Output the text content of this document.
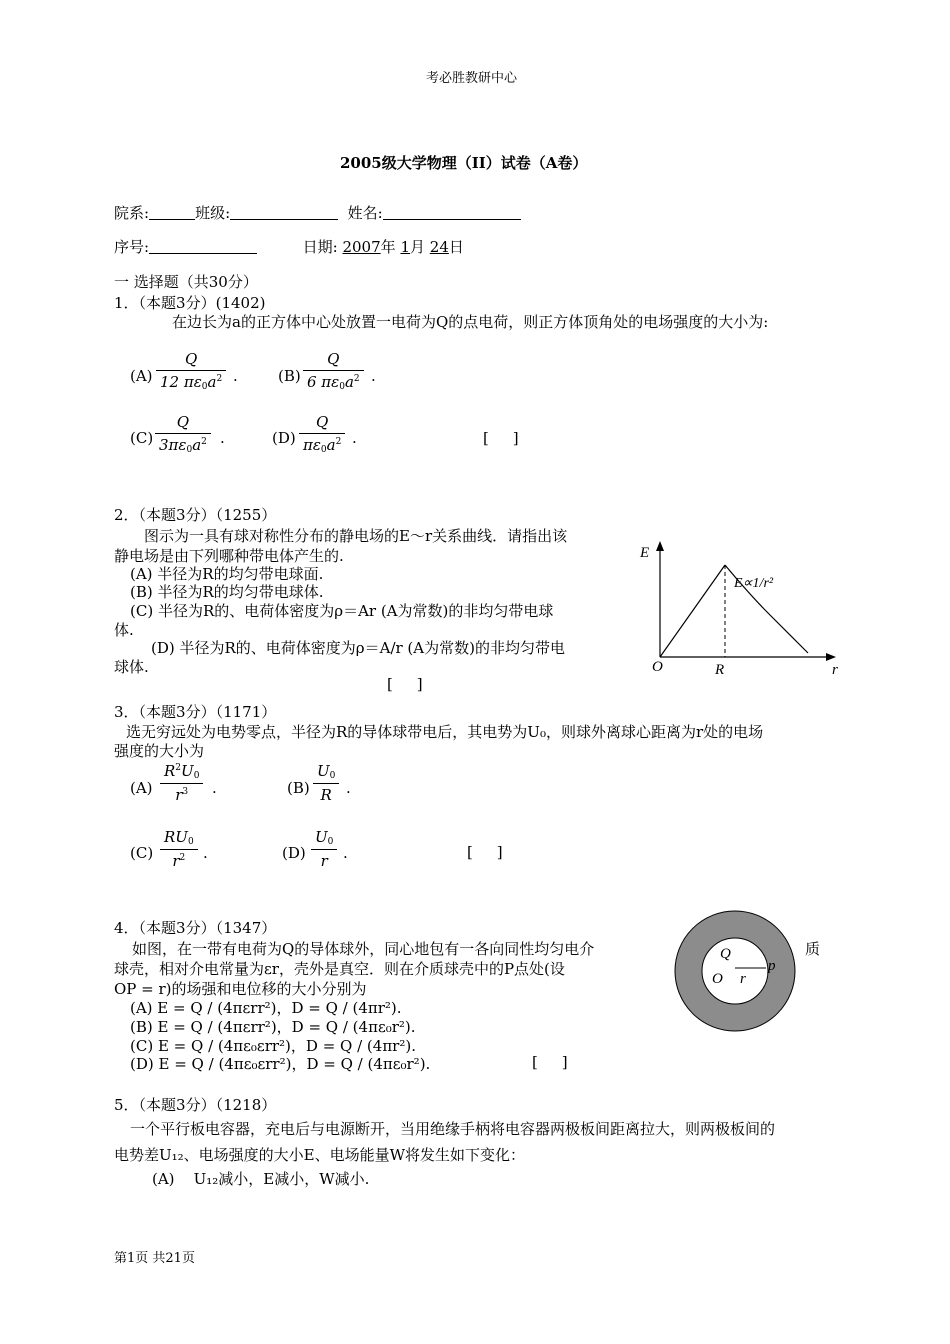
考必胜教研中心
2005级大学物理（II）试卷（A卷）
院系:	班级:	姓名:
序号:	日期: 2007年 1月 24日
一 选择题（共30分）
1．（本题3分）(1402)
在边长为a的正方体中心处放置一电荷为Q的点电荷，则正方体顶角处的电场强度的大小为:
$(A) \frac{Q}{12 \pi\varepsilon_0a^2}$ .	$(B) \frac{Q}{6 \pi\varepsilon_0a^2}$ .
$(C) \frac{Q}{3\pi\varepsilon_0a^2}$ .	$(D) \frac{Q}{\pi\varepsilon_0a^2}$ .	[     ]
2．（本题3分）（1255）
图示为一具有球对称性分布的静电场的E～r关系曲线．请指出该
静电场是由下列哪种带电体产生的.
(A) 半径为R的均匀带电球面.
(B) 半径为R的均匀带电球体.
(C) 半径为R的、电荷体密度为ρ＝Ar (A为常数)的非均匀带电球
体.
(D) 半径为R的、电荷体密度为ρ＝A/r (A为常数)的非均匀带电
球体.
[     ]
E
r
O	R
E∝1/r²
3．（本题3分）（1171）
选无穷远处为电势零点，半径为R的导体球带电后，其电势为U₀，则球外离球心距离为r处的电场
强度的大小为
$(A) \frac{R^2U_0}{r^3}$ .	$(B) \frac{U_0}{R}$ .
$(C) \frac{RU_0}{r^2}$ .	$(D) \frac{U_0}{r}$ .	[     ]
4．（本题3分）（1347）
如图，在一带有电荷为Q的导体球外，同心地包有一各向同性均匀电介	质
球壳，相对介电常量为εr，壳外是真空．则在介质球壳中的P点处(设
OP = r)的场强和电位移的大小分别为
(A) E = Q / (4πεrr²)，D = Q / (4πr²).
(B) E = Q / (4πεrr²)，D = Q / (4πε₀r²).
(C) E = Q / (4πε₀εrr²)，D = Q / (4πr²).
(D) E = Q / (4πε₀εrr²)，D = Q / (4πε₀r²).	[     ]
Q
O r
p
5．（本题3分）（1218）
一个平行板电容器，充电后与电源断开，当用绝缘手柄将电容器两极板间距离拉大，则两极板间的
电势差U₁₂、电场强度的大小E、电场能量W将发生如下变化：
(A)    U₁₂减小，E减小，W减小.
第1页 共21页
